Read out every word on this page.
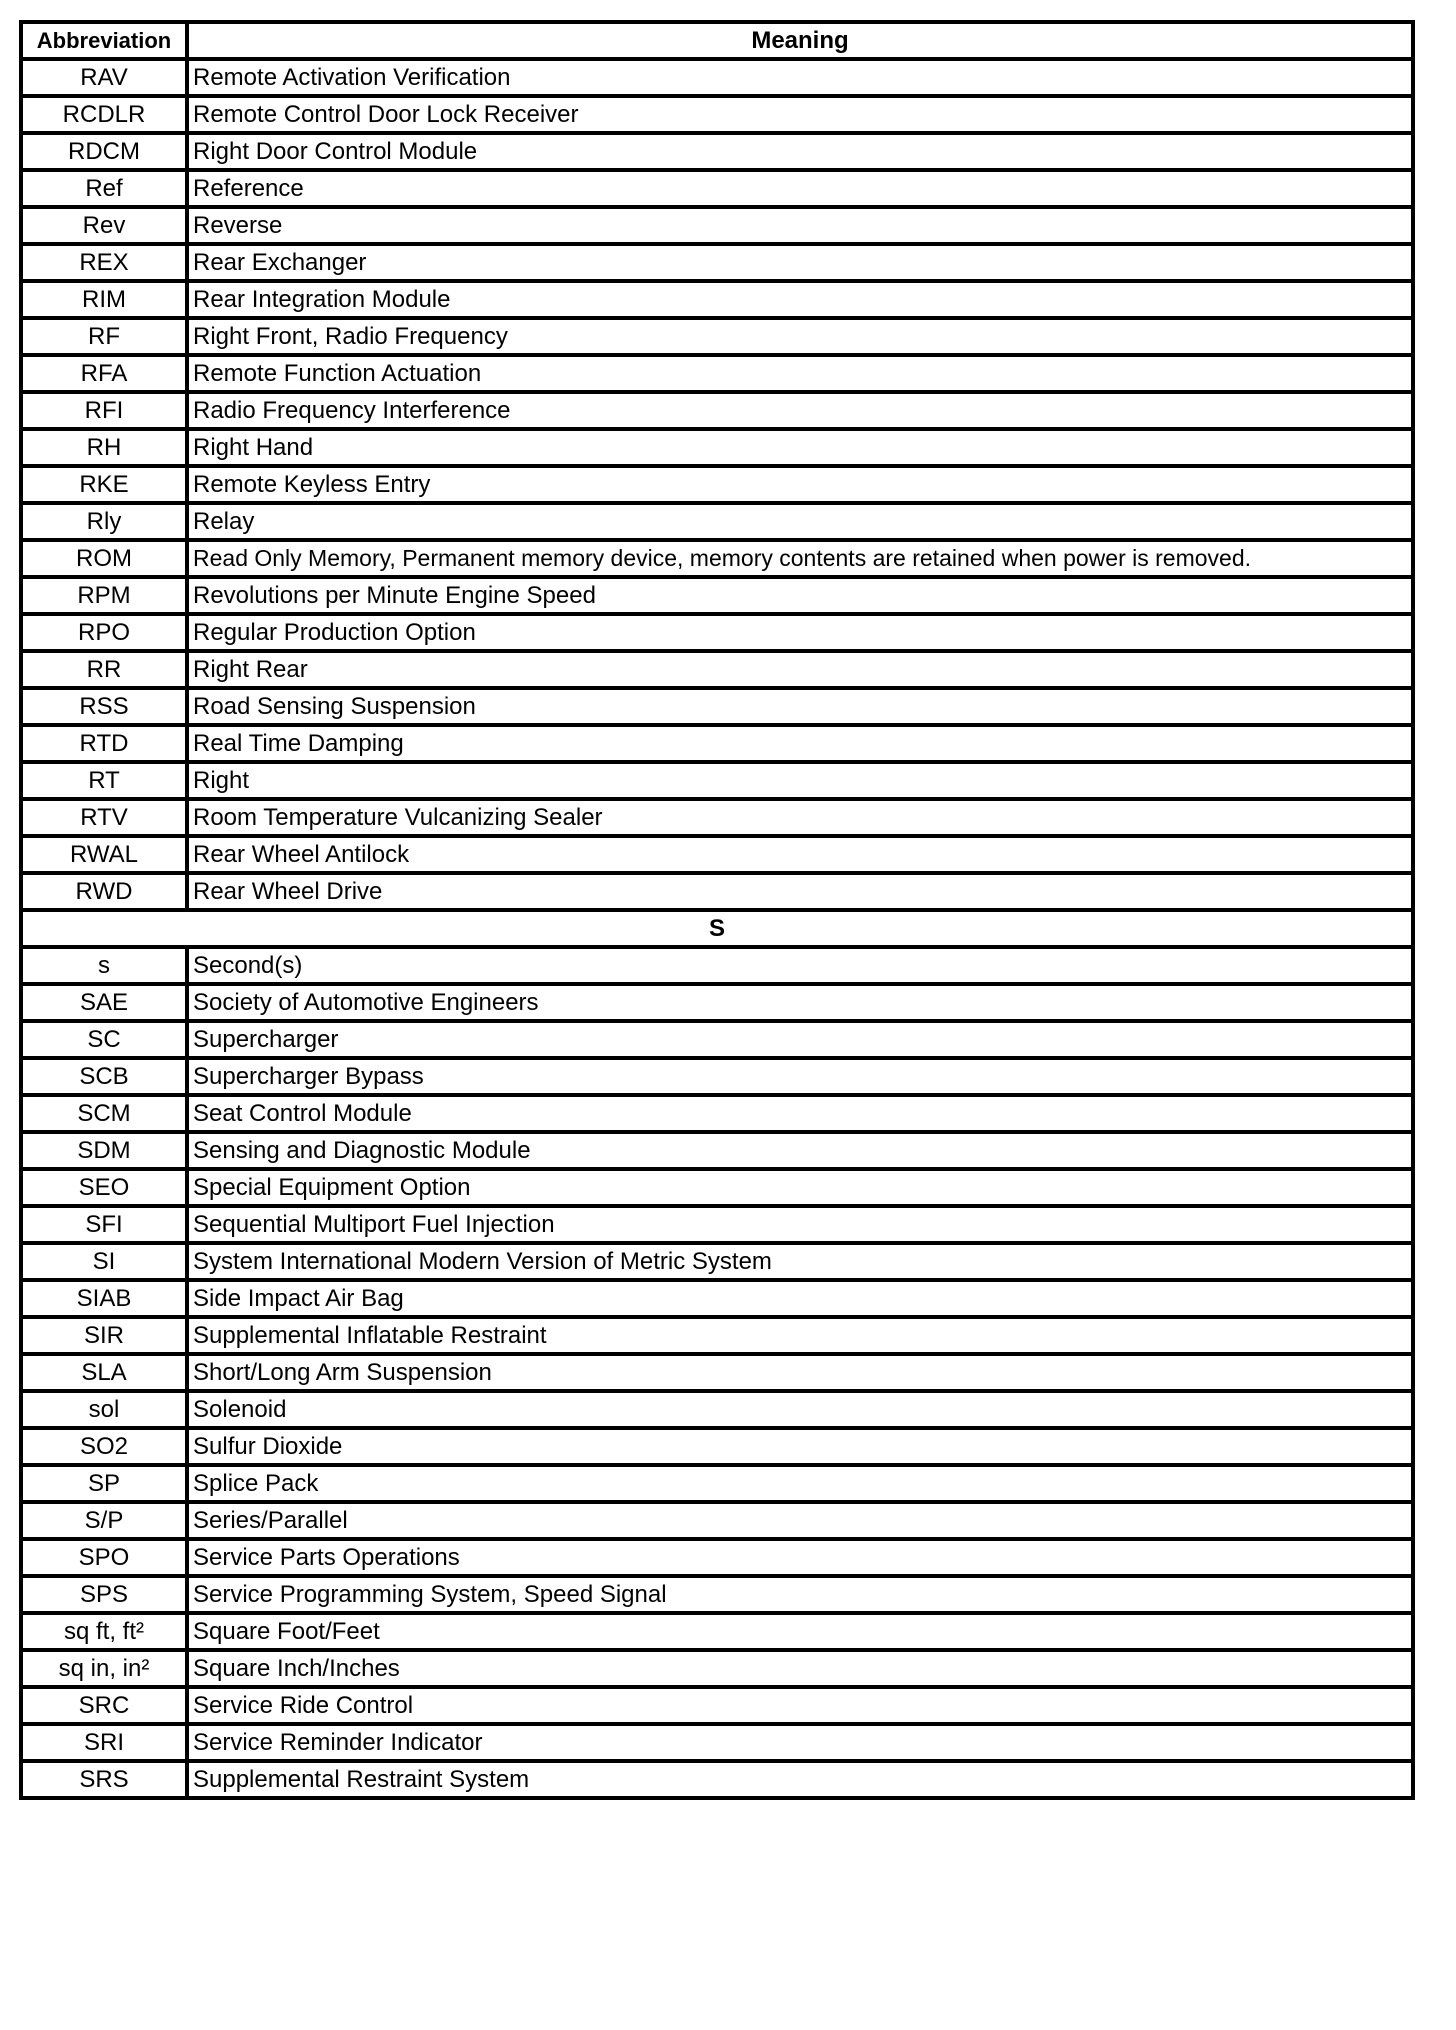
Abbreviation	Meaning
RAV	Remote Activation Verification
RCDLR	Remote Control Door Lock Receiver
RDCM	Right Door Control Module
Ref	Reference
Rev	Reverse
REX	Rear Exchanger
RIM	Rear Integration Module
RF	Right Front, Radio Frequency
RFA	Remote Function Actuation
RFI	Radio Frequency Interference
RH	Right Hand
RKE	Remote Keyless Entry
Rly	Relay
ROM	Read Only Memory, Permanent memory device, memory contents are retained when power is removed.
RPM	Revolutions per Minute Engine Speed
RPO	Regular Production Option
RR	Right Rear
RSS	Road Sensing Suspension
RTD	Real Time Damping
RT	Right
RTV	Room Temperature Vulcanizing Sealer
RWAL	Rear Wheel Antilock
RWD	Rear Wheel Drive
S	
s	Second(s)
SAE	Society of Automotive Engineers
SC	Supercharger
SCB	Supercharger Bypass
SCM	Seat Control Module
SDM	Sensing and Diagnostic Module
SEO	Special Equipment Option
SFI	Sequential Multiport Fuel Injection
SI	System International Modern Version of Metric System
SIAB	Side Impact Air Bag
SIR	Supplemental Inflatable Restraint
SLA	Short/Long Arm Suspension
sol	Solenoid
SO2	Sulfur Dioxide
SP	Splice Pack
S/P	Series/Parallel
SPO	Service Parts Operations
SPS	Service Programming System, Speed Signal
sq ft, ft²	Square Foot/Feet
sq in, in²	Square Inch/Inches
SRC	Service Ride Control
SRI	Service Reminder Indicator
SRS	Supplemental Restraint System
